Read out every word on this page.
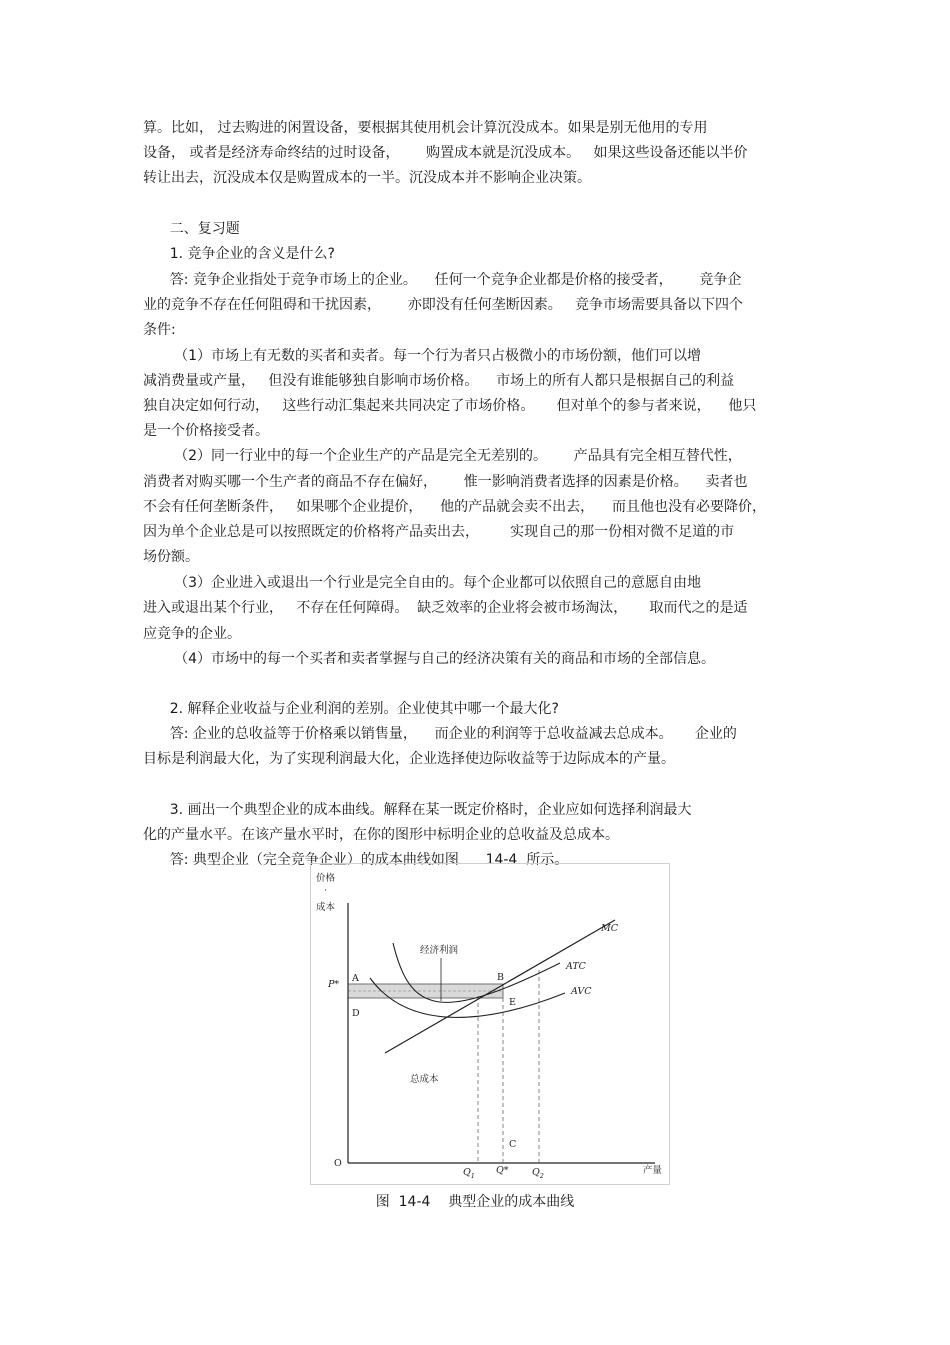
算。比如， 过去购进的闲置设备，要根据其使用机会计算沉没成本。如果是别无他用的专用

设备， 或者是经济寿命终结的过时设备，      购置成本就是沉没成本。   如果这些设备还能以半价

转让出去，沉没成本仅是购置成本的一半。沉没成本并不影响企业决策。

二、复习题

1. 竞争企业的含义是什么?

答: 竞争企业指处于竞争市场上的企业。    任何一个竞争企业都是价格的接受者，      竞争企

业的竞争不存在任何阻碍和干扰因素，      亦即没有任何垄断因素。   竞争市场需要具备以下四个

条件:

（1）市场上有无数的买者和卖者。每一个行为者只占极微小的市场份额，他们可以增

减消费量或产量，   但没有谁能够独自影响市场价格。    市场上的所有人都只是根据自己的利益

独自决定如何行动，   这些行动汇集起来共同决定了市场价格。     但对单个的参与者来说，    他只

是一个价格接受者。

（2）同一行业中的每一个企业生产的产品是完全无差别的。      产品具有完全相互替代性，

消费者对购买哪一个生产者的商品不存在偏好，      惟一影响消费者选择的因素是价格。    卖者也

不会有任何垄断条件，   如果哪个企业提价，    他的产品就会卖不出去，    而且他也没有必要降价，

因为单个企业总是可以按照既定的价格将产品卖出去，       实现自己的那一份相对微不足道的市

场份额。

（3）企业进入或退出一个行业是完全自由的。每个企业都可以依照自己的意愿自由地

进入或退出某个行业，   不存在任何障碍。  缺乏效率的企业将会被市场淘汰，     取而代之的是适

应竞争的企业。

（4）市场中的每一个买者和卖者掌握与自己的经济决策有关的商品和市场的全部信息。

2. 解释企业收益与企业利润的差别。企业使其中哪一个最大化?

答: 企业的总收益等于价格乘以销售量，    而企业的利润等于总收益减去总成本。     企业的

目标是利润最大化，为了实现利润最大化，企业选择使边际收益等于边际成本的产量。

3. 画出一个典型企业的成本曲线。解释在某一既定价格时，企业应如何选择利润最大

化的产量水平。在该产量水平时，在你的图形中标明企业的总收益及总成本。

答: 典型企业（完全竞争企业）的成本曲线如图      14-4  所示。

价格
·
成本
P*
A	B
D
E
C
MC
ATC
AVC
经济利润
总成本
O
$Q_1$ Q* $Q_2$	产量
图  14-4    典型企业的成本曲线
